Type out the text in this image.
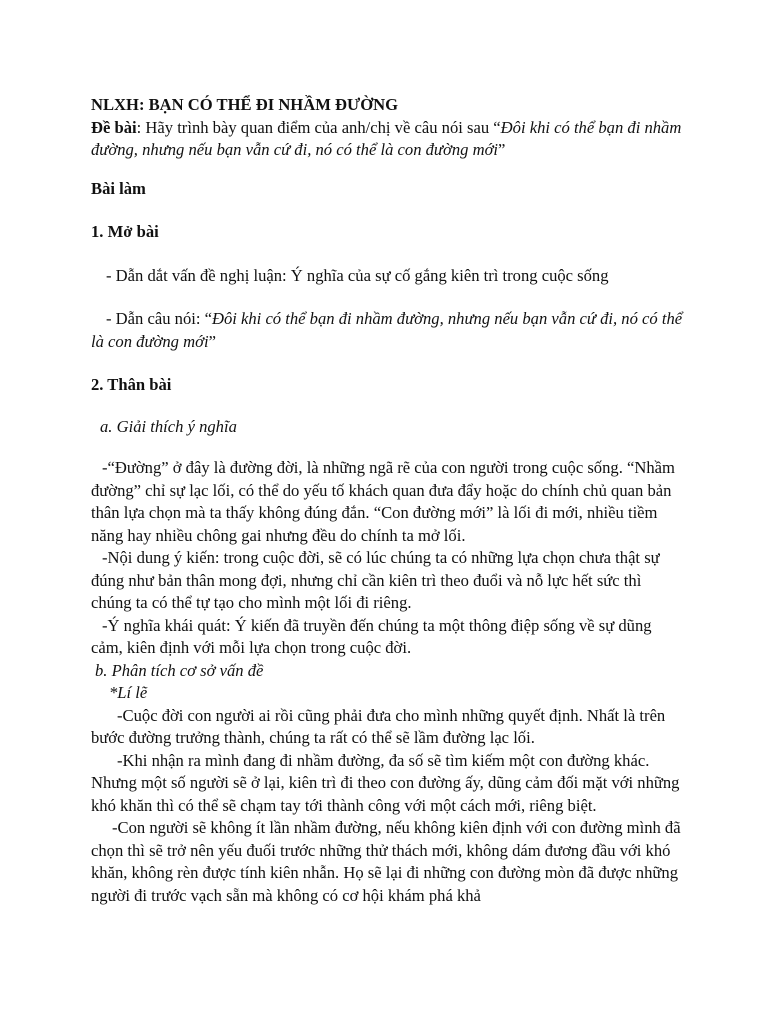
NLXH: BẠN CÓ THỂ ĐI NHẦM ĐƯỜNG

Đề bài: Hãy trình bày quan điểm của anh/chị về câu nói sau “Đôi khi có thể bạn đi nhầm đường, nhưng nếu bạn vẫn cứ đi, nó có thể là con đường mới”

Bài làm

1. Mở bài

- Dẫn dắt vấn đề nghị luận: Ý nghĩa của sự cố gắng kiên trì trong cuộc sống

- Dẫn câu nói: “Đôi khi có thể bạn đi nhầm đường, nhưng nếu bạn vẫn cứ đi, nó có thể là con đường mới”

2. Thân bài

a. Giải thích ý nghĩa

-“Đường” ở đây là đường đời, là những ngã rẽ của con người trong cuộc sống. “Nhầm đường” chỉ sự lạc lối, có thể do yếu tố khách quan đưa đẩy hoặc do chính chủ quan bản thân lựa chọn mà ta thấy không đúng đắn. “Con đường mới” là lối đi mới, nhiều tiềm năng hay nhiều chông gai nhưng đều do chính ta mở lối.

-Nội dung ý kiến: trong cuộc đời, sẽ có lúc chúng ta có những lựa chọn chưa thật sự đúng như bản thân mong đợi, nhưng chỉ cần kiên trì theo đuổi và nỗ lực hết sức thì chúng ta có thể tự tạo cho mình một lối đi riêng.

-Ý nghĩa khái quát: Ý kiến đã truyền đến chúng ta một thông điệp sống về sự dũng cảm, kiên định với mỗi lựa chọn trong cuộc đời.

b. Phân tích cơ sở vấn đề

*Lí lẽ

-Cuộc đời con người ai rồi cũng phải đưa cho mình những quyết định. Nhất là trên bước đường trưởng thành, chúng ta rất có thể sẽ lầm đường lạc lối.

-Khi nhận ra mình đang đi nhầm đường, đa số sẽ tìm kiếm một con đường khác. Nhưng một số người sẽ ở lại, kiên trì đi theo con đường ấy, dũng cảm đối mặt với những khó khăn thì có thể sẽ chạm tay tới thành công với một cách mới, riêng biệt.

-Con người sẽ không ít lần nhầm đường, nếu không kiên định với con đường mình đã chọn thì sẽ trở nên yếu đuối trước những thử thách mới, không dám đương đầu với khó khăn, không rèn được tính kiên nhẫn. Họ sẽ lại đi những con đường mòn đã được những người đi trước vạch sẵn mà không có cơ hội khám phá khả
